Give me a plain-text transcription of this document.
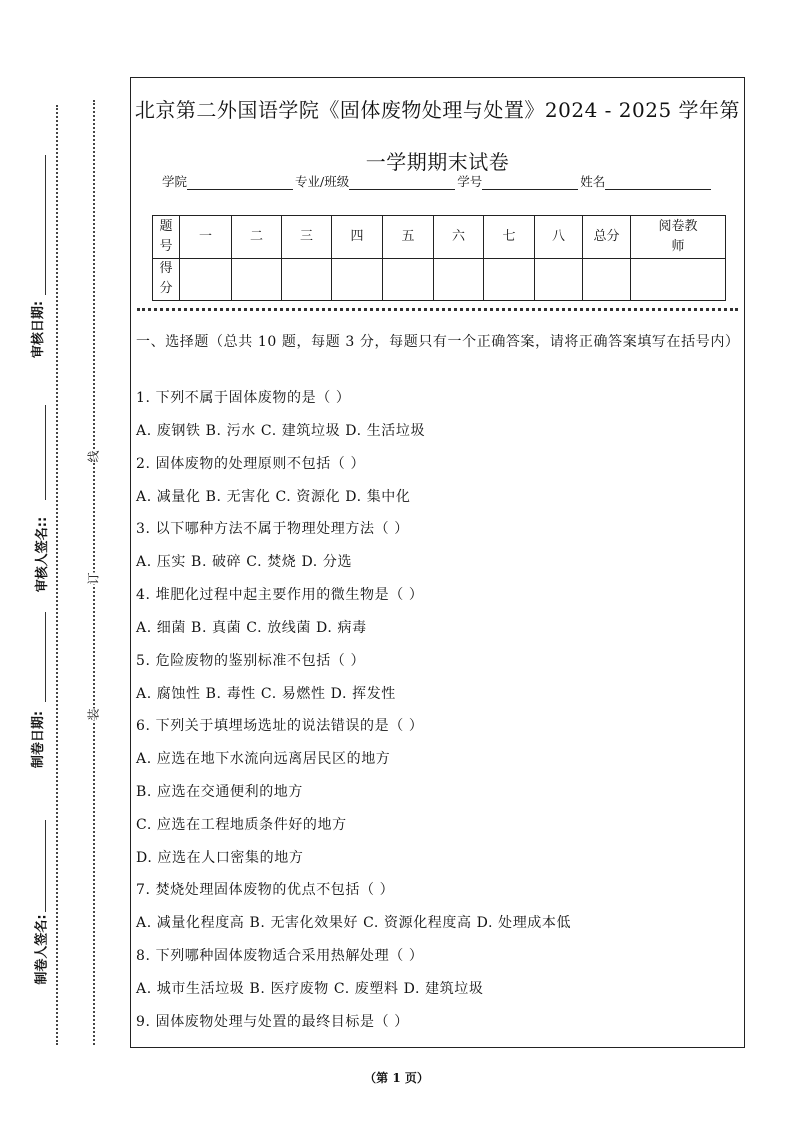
审核日期:
审核人签名::
制卷日期:
制卷人签名:
线
订
装
北京第二外国语学院《固体废物处理与处置》2024 - 2025 学年第
一学期期末试卷
学院	专业/班级	学号	姓名
题号	一	二	三	四	五	六	七	八	总分	阅卷教师
得分										
一、选择题（总共 10 题，每题 3 分，每题只有一个正确答案，请将正确答案填写在括号内）
1. 下列不属于固体废物的是（ ）
A. 废钢铁 B. 污水 C. 建筑垃圾 D. 生活垃圾
2. 固体废物的处理原则不包括（ ）
A. 减量化 B. 无害化 C. 资源化 D. 集中化
3. 以下哪种方法不属于物理处理方法（ ）
A. 压实 B. 破碎 C. 焚烧 D. 分选
4. 堆肥化过程中起主要作用的微生物是（ ）
A. 细菌 B. 真菌 C. 放线菌 D. 病毒
5. 危险废物的鉴别标准不包括（ ）
A. 腐蚀性 B. 毒性 C. 易燃性 D. 挥发性
6. 下列关于填埋场选址的说法错误的是（ ）
A. 应选在地下水流向远离居民区的地方
B. 应选在交通便利的地方
C. 应选在工程地质条件好的地方
D. 应选在人口密集的地方
7. 焚烧处理固体废物的优点不包括（ ）
A. 减量化程度高 B. 无害化效果好 C. 资源化程度高 D. 处理成本低
8. 下列哪种固体废物适合采用热解处理（ ）
A. 城市生活垃圾 B. 医疗废物 C. 废塑料 D. 建筑垃圾
9. 固体废物处理与处置的最终目标是（ ）
（第 1 页）
